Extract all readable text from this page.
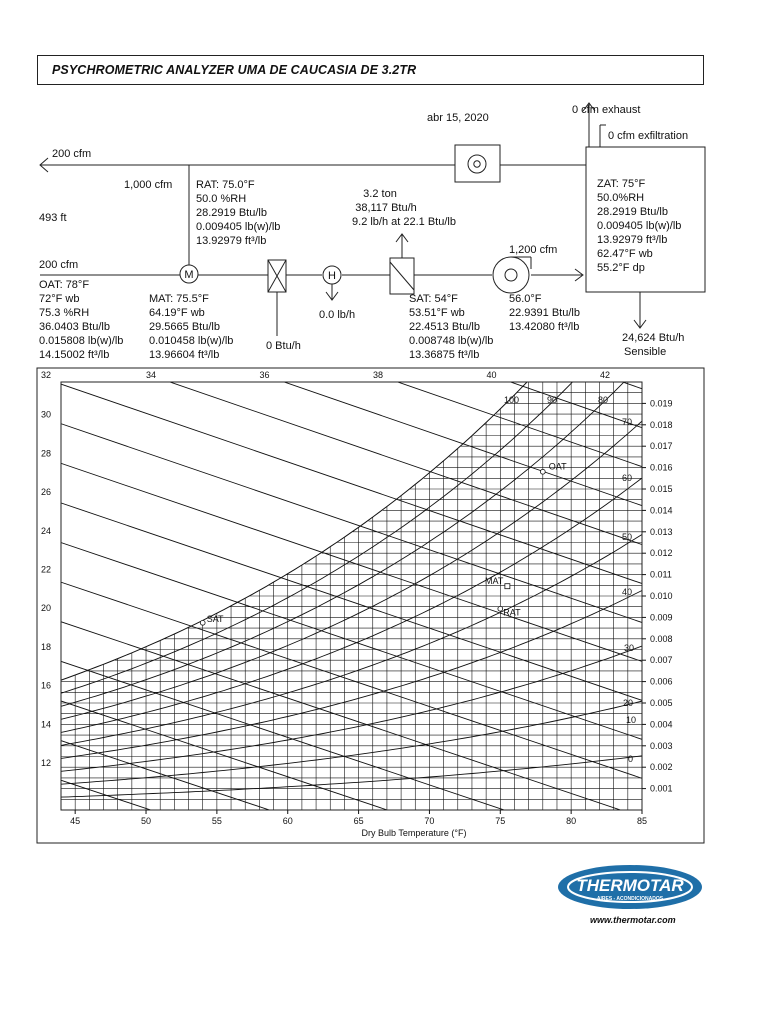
PSYCHROMETRIC ANALYZER UMA DE CAUCASIA DE 3.2TR
M	H
abr 15, 2020
0 cfm exhaust
0 cfm exfiltration
200 cfm
1,000 cfm
493 ft
200 cfm
1,200 cfm
0 Btu/h
0.0 lb/h
RAT: 75.0°F
50.0 %RH
28.2919 Btu/lb
0.009405 lb(w)/lb
13.92979 ft³/lb
OAT: 78°F
72°F wb
75.3 %RH
36.0403 Btu/lb
0.015808 lb(w)/lb
14.15002 ft³/lb
MAT: 75.5°F
64.19°F wb
29.5665 Btu/lb
0.010458 lb(w)/lb
13.96604 ft³/lb
3.2 ton
38,117 Btu/h
9.2 lb/h at 22.1 Btu/lb
SAT: 54°F
53.51°F wb
22.4513 Btu/lb
0.008748 lb(w)/lb
13.36875 ft³/lb
56.0°F
22.9391 Btu/lb
13.42080 ft³/lb
ZAT: 75°F
50.0%RH
28.2919 Btu/lb
0.009405 lb(w)/lb
13.92979 ft³/lb
62.47°F wb
55.2°F dp
24,624 Btu/h
Sensible
45	50	55	60	65	70	75	80	85
0.001
0.002
0.003
0.004
0.005
0.006
0.007
0.008
0.009
0.010
0.011
0.012
0.013
0.014
0.015
0.016
0.017
0.018
0.019
12
14
16
18
20
22
24
26
28
30
32	34	36	38	40	42
0
10
20
30
40
50
60
70
80
90
100
OAT
MAT
RAT
SAT
Dry Bulb Temperature (°F)
THERMOTAR
AIRES - ACONDICIONADOS
www.thermotar.com
